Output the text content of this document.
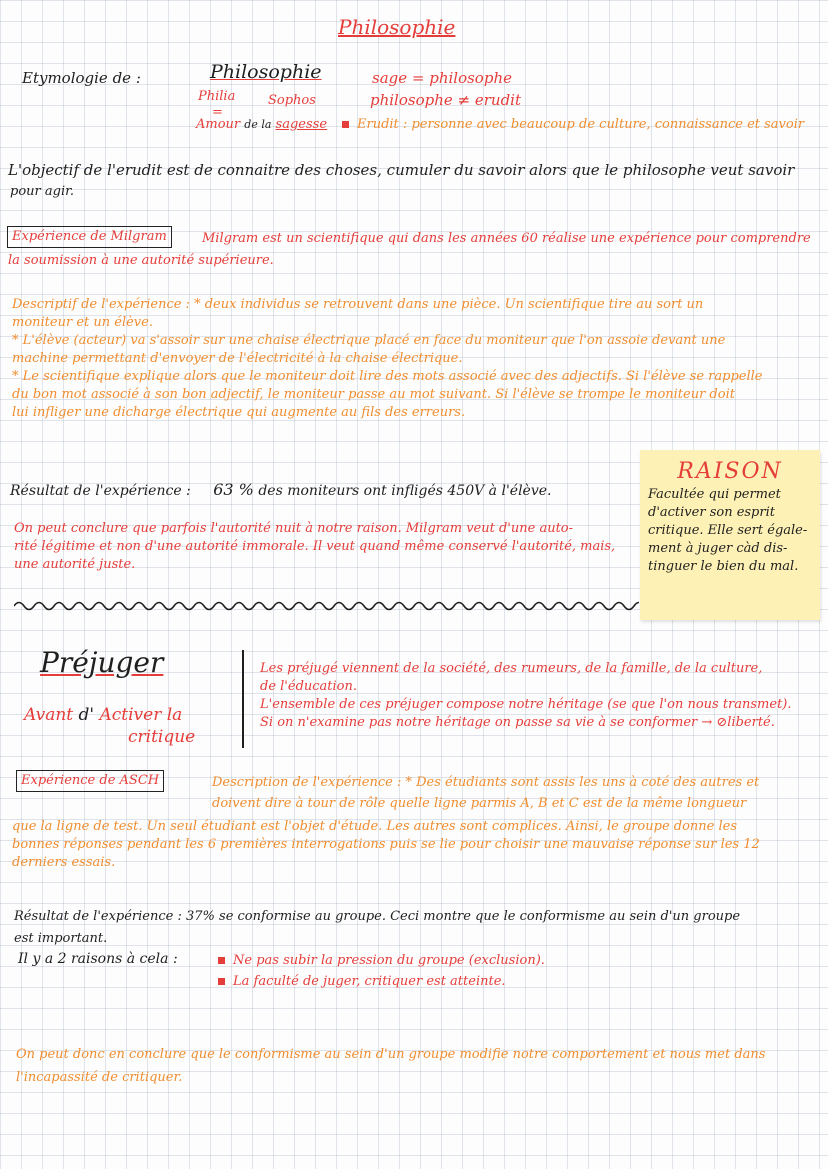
Philosophie
Etymologie de :	Philosophie
Philia	Sophos
=
Amour de la sagesse
sage = philosophe
philosophe ≠ erudit
Erudit : personne avec beaucoup de culture, connaissance et savoir
L'objectif de l'erudit est de connaitre des choses, cumuler du savoir alors que le philosophe veut savoir
pour agir.
Expérience de Milgram	Milgram est un scientifique qui dans les années 60 réalise une expérience pour comprendre
la soumission à une autorité supérieure.
Descriptif de l'expérience : * deux individus se retrouvent dans une pièce. Un scientifique tire au sort un
moniteur et un élève.
* L'élève (acteur) va s'assoir sur une chaise électrique placé en face du moniteur que l'on assoie devant une
machine permettant d'envoyer de l'électricité à la chaise électrique.
* Le scientifique explique alors que le moniteur doit lire des mots associé avec des adjectifs. Si l'élève se rappelle
du bon mot associé à son bon adjectif, le moniteur passe au mot suivant. Si l'élève se trompe le moniteur doit
lui infliger une dicharge électrique qui augmente au fils des erreurs.
Résultat de l'expérience : 63 % des moniteurs ont infligés 450V à l'élève.
On peut conclure que parfois l'autorité nuit à notre raison. Milgram veut d'une auto-
rité légitime et non d'une autorité immorale. Il veut quand même conservé l'autorité, mais,
une autorité juste.
RAISON
Facultée qui permet
d'activer son esprit
critique. Elle sert égale-
ment à juger càd dis-
tinguer le bien du mal.
Préjuger
Avant d' Activer la
critique
Les préjugé viennent de la société, des rumeurs, de la famille, de la culture,
de l'éducation.
L'ensemble de ces préjuger compose notre héritage (se que l'on nous transmet).
Si on n'examine pas notre héritage on passe sa vie à se conformer → ⊘liberté.
Expérience de ASCH	Description de l'expérience : * Des étudiants sont assis les uns à coté des autres et
doivent dire à tour de rôle quelle ligne parmis A, B et C est de la même longueur
que la ligne de test. Un seul étudiant est l'objet d'étude. Les autres sont complices. Ainsi, le groupe donne les
bonnes réponses pendant les 6 premières interrogations puis se lie pour choisir une mauvaise réponse sur les 12
derniers essais.
Résultat de l'expérience : 37% se conformise au groupe. Ceci montre que le conformisme au sein d'un groupe
est important.
Il y a 2 raisons à cela :	Ne pas subir la pression du groupe (exclusion).
La faculté de juger, critiquer est atteinte.
On peut donc en conclure que le conformisme au sein d'un groupe modifie notre comportement et nous met dans
l'incapassité de critiquer.
